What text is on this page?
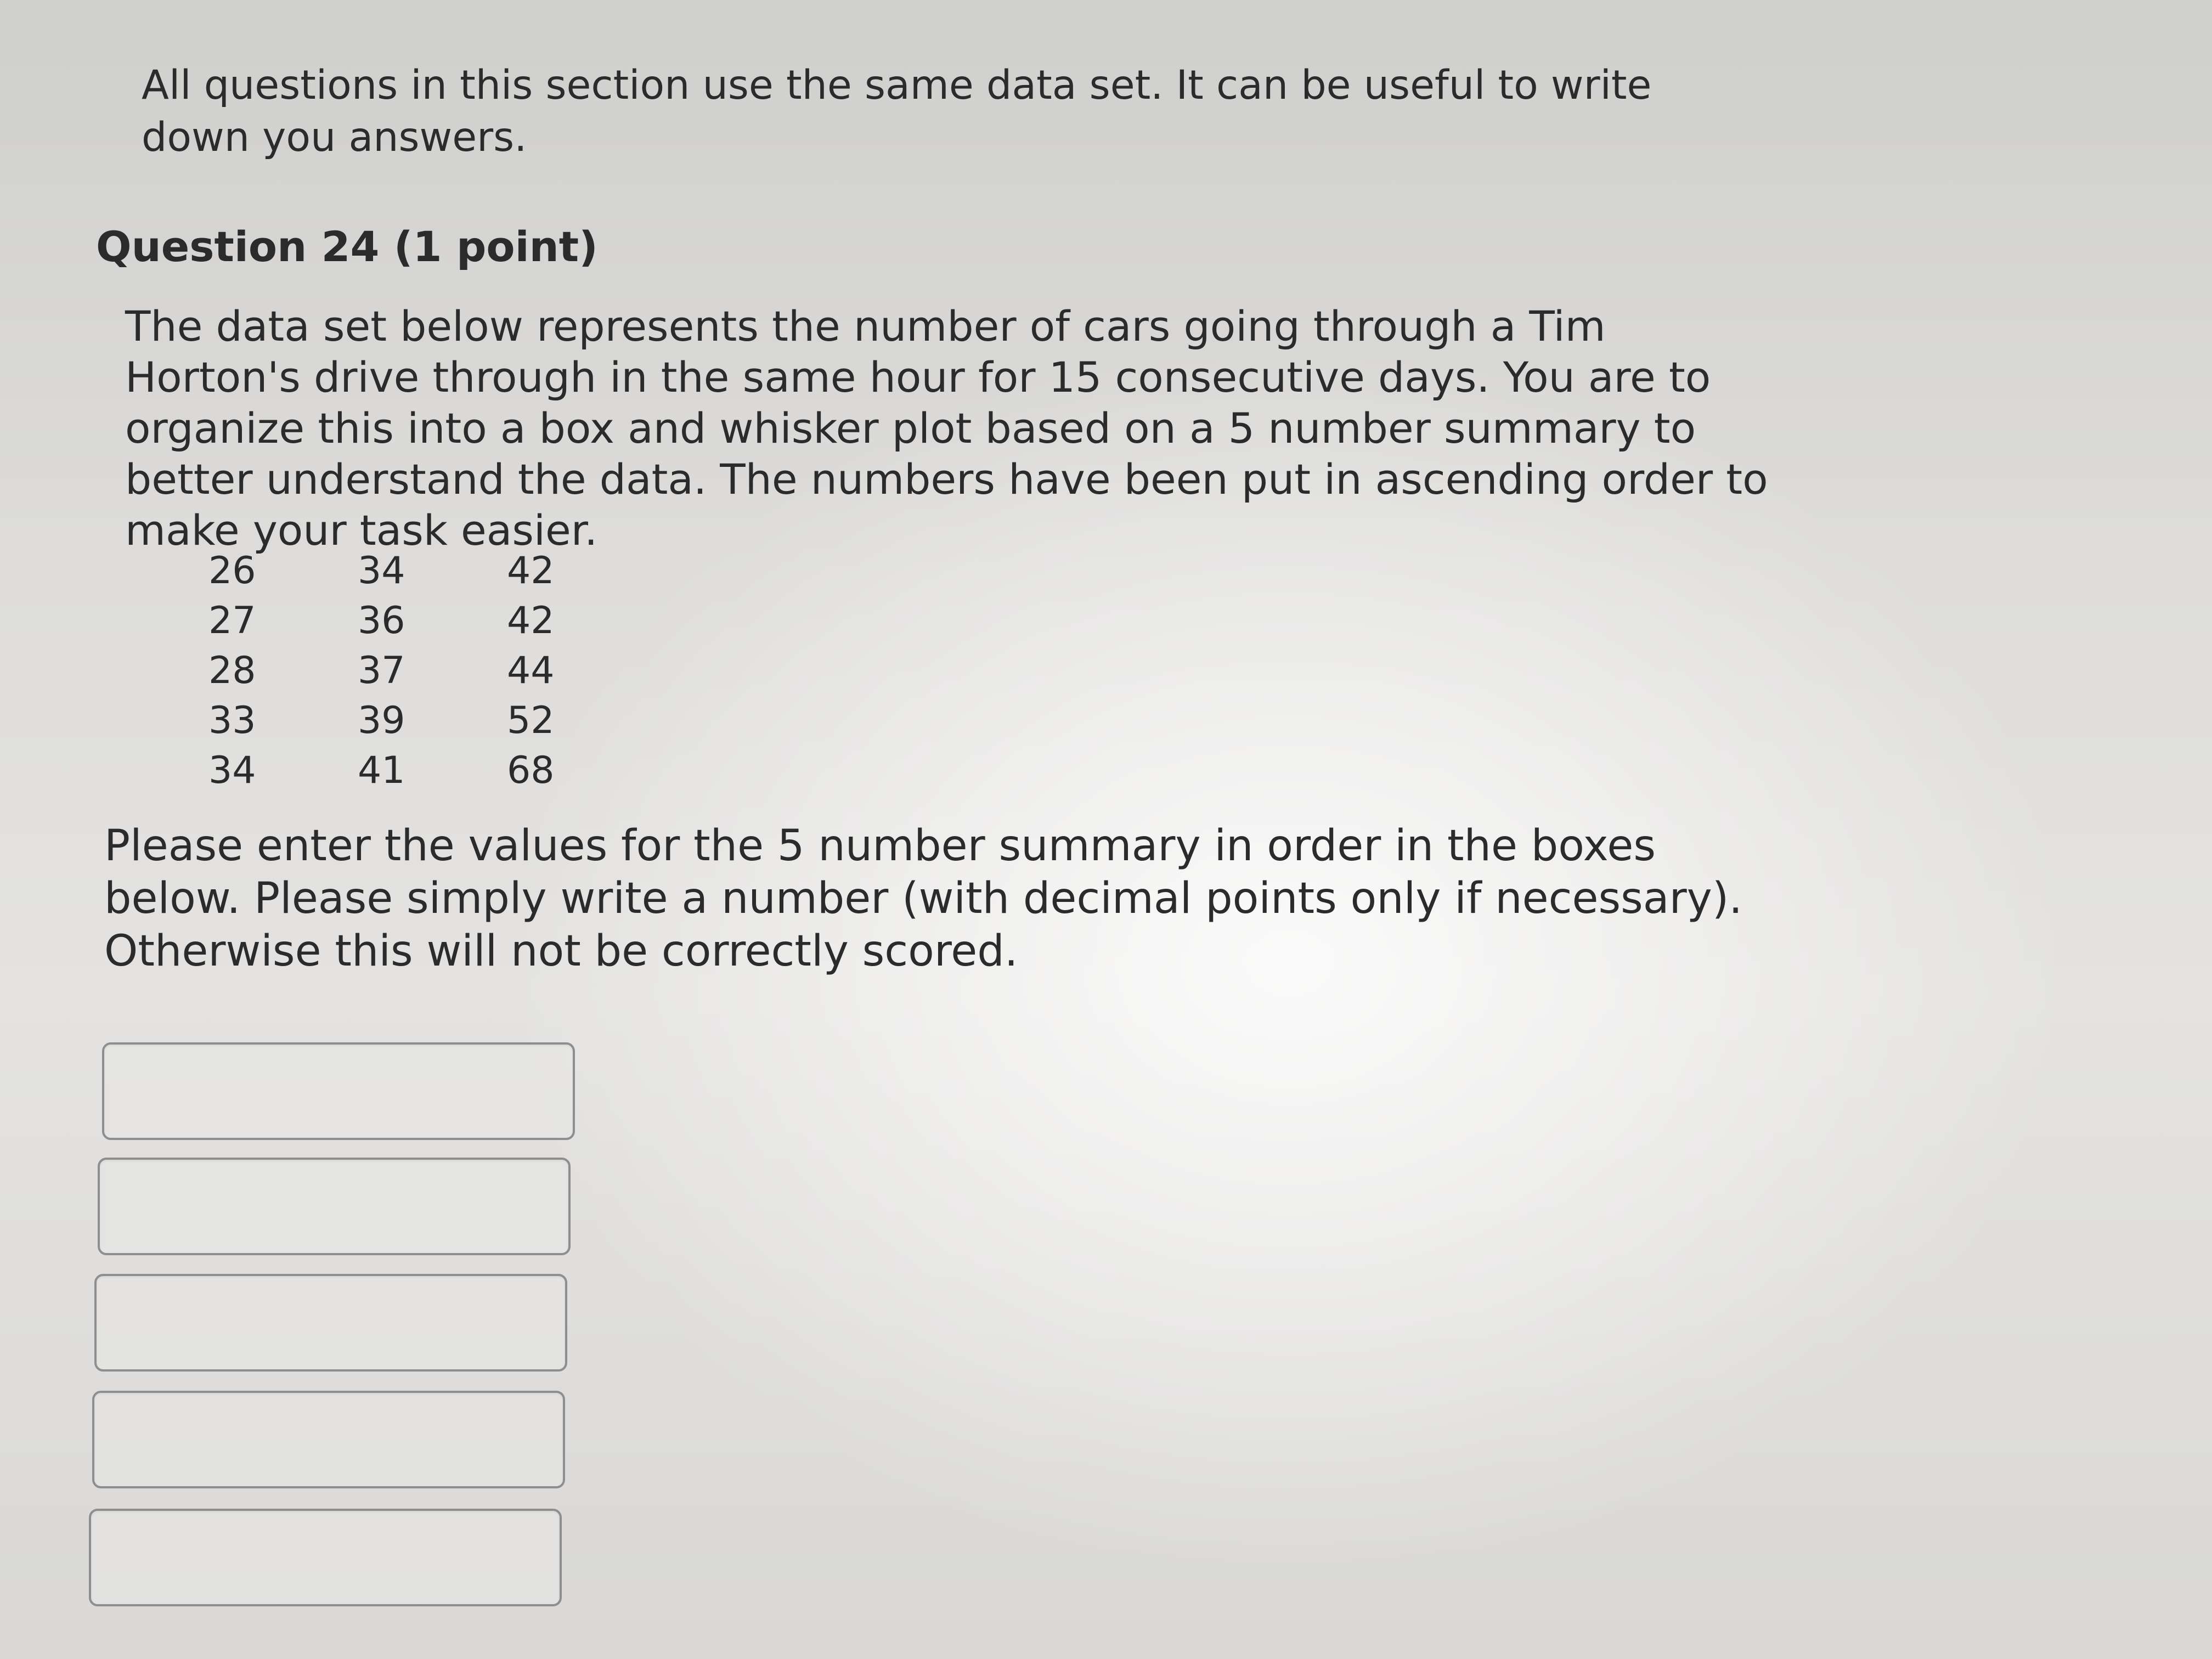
All questions in this section use the same data set. It can be useful to write down you answers.

Question 24 (1 point)

The data set below represents the number of cars going through a Tim Horton's drive through in the same hour for 15 consecutive days. You are to organize this into a box and whisker plot based on a 5 number summary to better understand the data. The numbers have been put in ascending order to make your task easier.

26	34	42
27	36	42
28	37	44
33	39	52
34	41	68

Please enter the values for the 5 number summary in order in the boxes below. Please simply write a number (with decimal points only if necessary). Otherwise this will not be correctly scored.
